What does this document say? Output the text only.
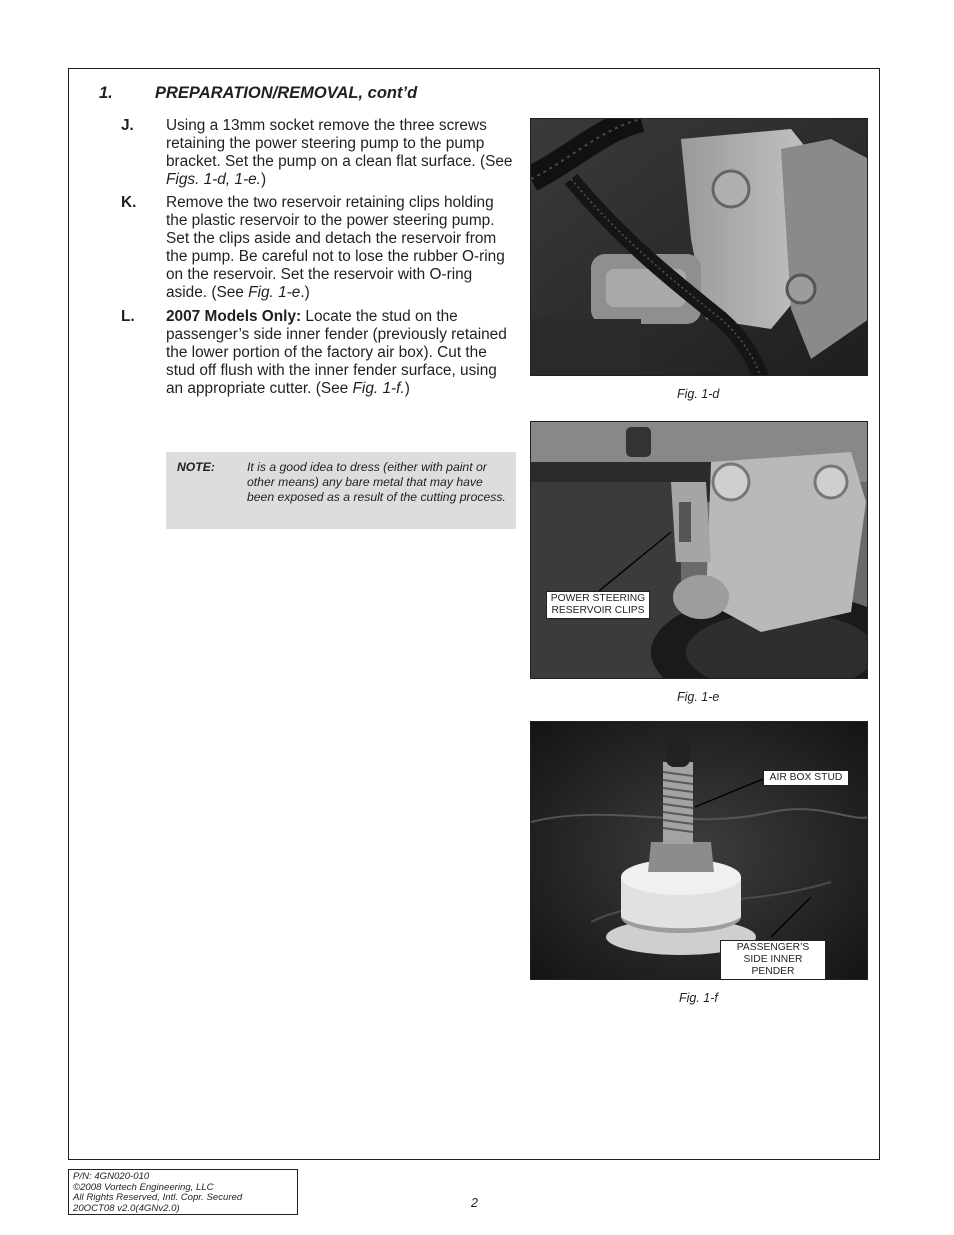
1.	PREPARATION/REMOVAL, cont’d
J. Using a 13mm socket remove the three screws retaining the power steering pump to the pump bracket. Set the pump on a clean flat surface. (See Figs. 1-d, 1-e.)
K. Remove the two reservoir retaining clips holding the plastic reservoir to the power steering pump. Set the clips aside and detach the reservoir from the pump. Be careful not to lose the rubber O-ring on the reservoir. Set the reservoir with O-ring aside. (See Fig. 1-e.)
L. 2007 Models Only: Locate the stud on the passenger’s side inner fender (previously retained the lower portion of the factory air box). Cut the stud off flush with the inner fender surface, using an appropriate cutter. (See Fig. 1-f.)
NOTE:	It is a good idea to dress (either with paint or other means) any bare metal that may have been exposed as a result of the cutting process.
Fig. 1-d
POWER STEERING RESERVOIR CLIPS
Fig. 1-e
AIR BOX STUD
PASSENGER’S SIDE INNER PENDER
Fig. 1-f
P/N: 4GN020-010
©2008 Vortech Engineering, LLC
All Rights Reserved, Intl. Copr. Secured
20OCT08 v2.0(4GNv2.0)	2
